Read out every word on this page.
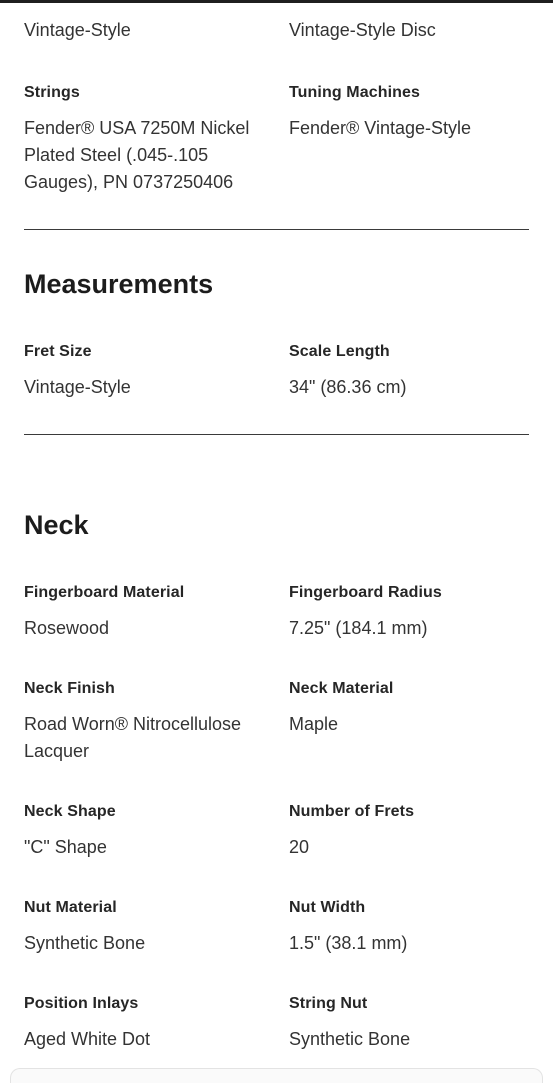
Vintage-Style	Vintage-Style Disc

Strings

Fender® USA 7250M Nickel Plated Steel (.045-.105 Gauges), PN 0737250406

Tuning Machines

Fender® Vintage-Style

Measurements

Fret Size

Vintage-Style

Scale Length

34" (86.36 cm)

Neck

Fingerboard Material

Rosewood

Fingerboard Radius

7.25" (184.1 mm)

Neck Finish

Road Worn® Nitrocellulose Lacquer

Neck Material

Maple

Neck Shape

"C" Shape

Number of Frets

20

Nut Material

Synthetic Bone

Nut Width

1.5" (38.1 mm)

Position Inlays

Aged White Dot

String Nut

Synthetic Bone
